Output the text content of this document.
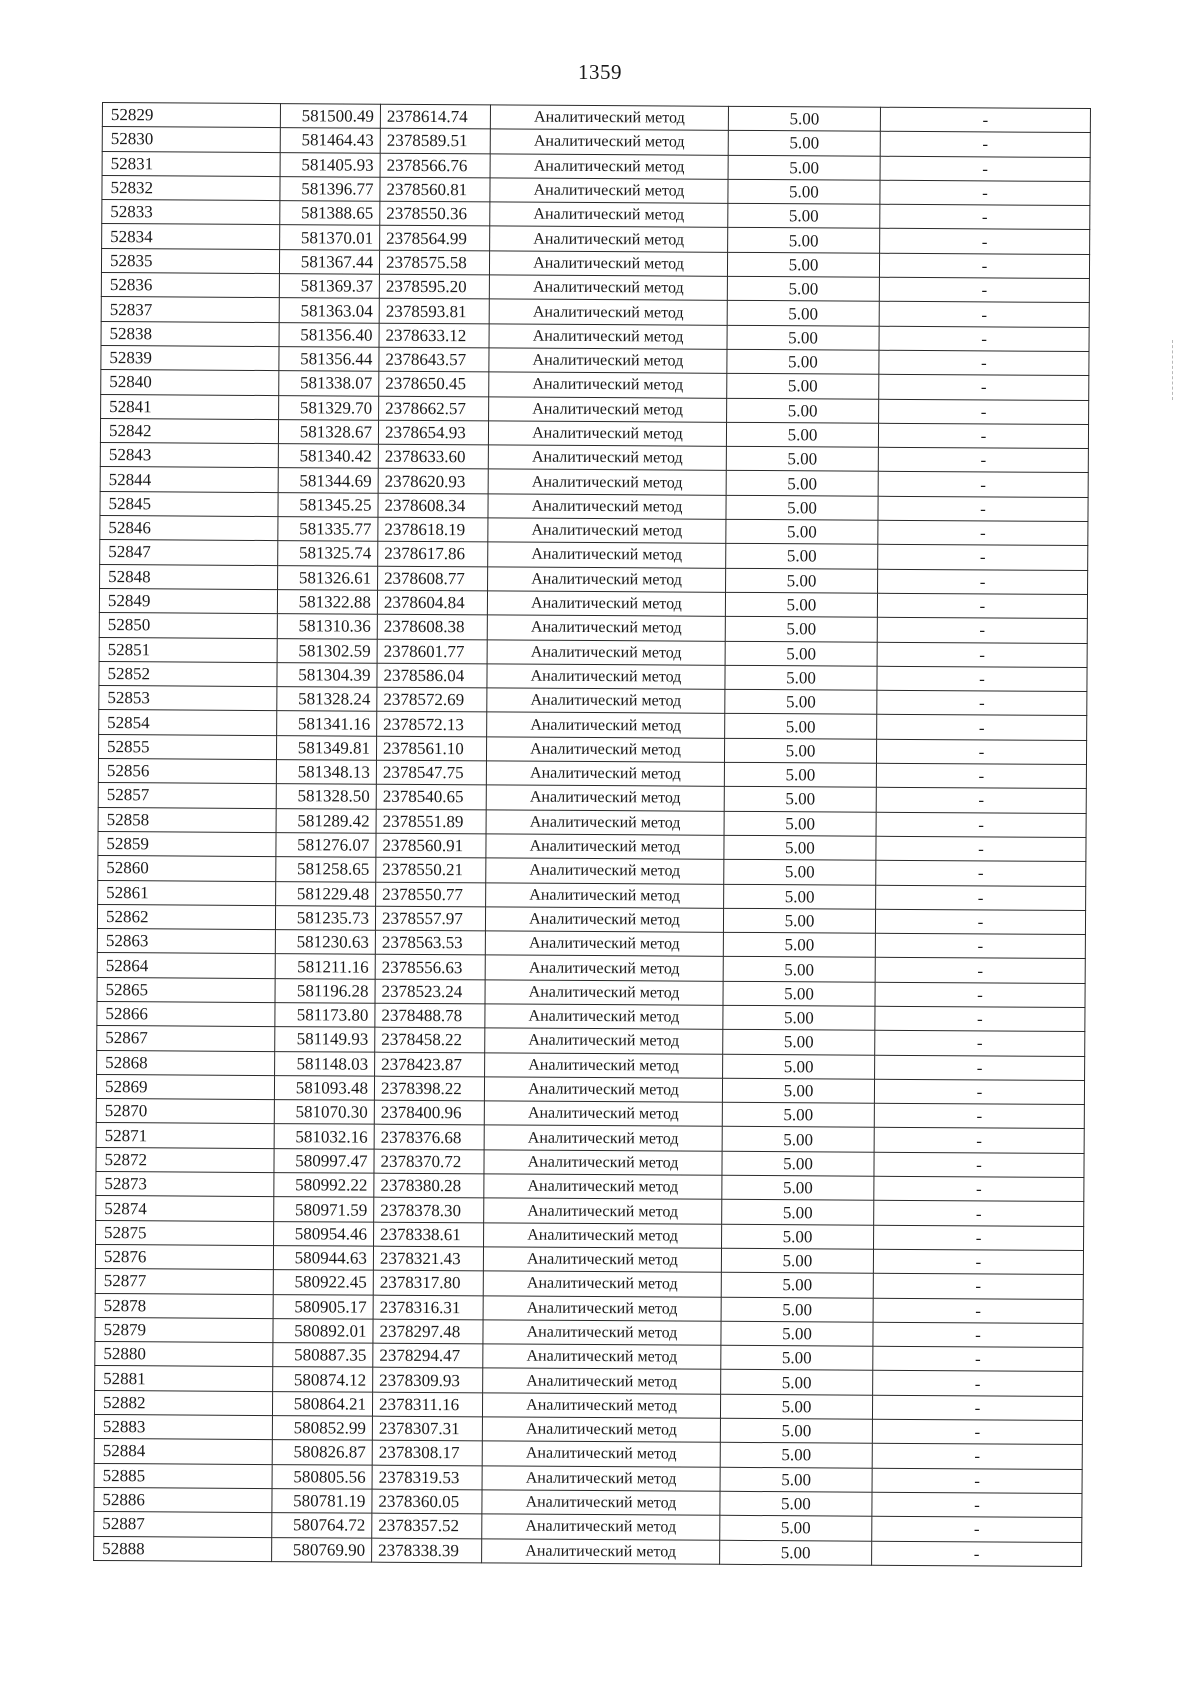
1359
52829	581500.49	2378614.74	Аналитический метод	5.00	-
52830	581464.43	2378589.51	Аналитический метод	5.00	-
52831	581405.93	2378566.76	Аналитический метод	5.00	-
52832	581396.77	2378560.81	Аналитический метод	5.00	-
52833	581388.65	2378550.36	Аналитический метод	5.00	-
52834	581370.01	2378564.99	Аналитический метод	5.00	-
52835	581367.44	2378575.58	Аналитический метод	5.00	-
52836	581369.37	2378595.20	Аналитический метод	5.00	-
52837	581363.04	2378593.81	Аналитический метод	5.00	-
52838	581356.40	2378633.12	Аналитический метод	5.00	-
52839	581356.44	2378643.57	Аналитический метод	5.00	-
52840	581338.07	2378650.45	Аналитический метод	5.00	-
52841	581329.70	2378662.57	Аналитический метод	5.00	-
52842	581328.67	2378654.93	Аналитический метод	5.00	-
52843	581340.42	2378633.60	Аналитический метод	5.00	-
52844	581344.69	2378620.93	Аналитический метод	5.00	-
52845	581345.25	2378608.34	Аналитический метод	5.00	-
52846	581335.77	2378618.19	Аналитический метод	5.00	-
52847	581325.74	2378617.86	Аналитический метод	5.00	-
52848	581326.61	2378608.77	Аналитический метод	5.00	-
52849	581322.88	2378604.84	Аналитический метод	5.00	-
52850	581310.36	2378608.38	Аналитический метод	5.00	-
52851	581302.59	2378601.77	Аналитический метод	5.00	-
52852	581304.39	2378586.04	Аналитический метод	5.00	-
52853	581328.24	2378572.69	Аналитический метод	5.00	-
52854	581341.16	2378572.13	Аналитический метод	5.00	-
52855	581349.81	2378561.10	Аналитический метод	5.00	-
52856	581348.13	2378547.75	Аналитический метод	5.00	-
52857	581328.50	2378540.65	Аналитический метод	5.00	-
52858	581289.42	2378551.89	Аналитический метод	5.00	-
52859	581276.07	2378560.91	Аналитический метод	5.00	-
52860	581258.65	2378550.21	Аналитический метод	5.00	-
52861	581229.48	2378550.77	Аналитический метод	5.00	-
52862	581235.73	2378557.97	Аналитический метод	5.00	-
52863	581230.63	2378563.53	Аналитический метод	5.00	-
52864	581211.16	2378556.63	Аналитический метод	5.00	-
52865	581196.28	2378523.24	Аналитический метод	5.00	-
52866	581173.80	2378488.78	Аналитический метод	5.00	-
52867	581149.93	2378458.22	Аналитический метод	5.00	-
52868	581148.03	2378423.87	Аналитический метод	5.00	-
52869	581093.48	2378398.22	Аналитический метод	5.00	-
52870	581070.30	2378400.96	Аналитический метод	5.00	-
52871	581032.16	2378376.68	Аналитический метод	5.00	-
52872	580997.47	2378370.72	Аналитический метод	5.00	-
52873	580992.22	2378380.28	Аналитический метод	5.00	-
52874	580971.59	2378378.30	Аналитический метод	5.00	-
52875	580954.46	2378338.61	Аналитический метод	5.00	-
52876	580944.63	2378321.43	Аналитический метод	5.00	-
52877	580922.45	2378317.80	Аналитический метод	5.00	-
52878	580905.17	2378316.31	Аналитический метод	5.00	-
52879	580892.01	2378297.48	Аналитический метод	5.00	-
52880	580887.35	2378294.47	Аналитический метод	5.00	-
52881	580874.12	2378309.93	Аналитический метод	5.00	-
52882	580864.21	2378311.16	Аналитический метод	5.00	-
52883	580852.99	2378307.31	Аналитический метод	5.00	-
52884	580826.87	2378308.17	Аналитический метод	5.00	-
52885	580805.56	2378319.53	Аналитический метод	5.00	-
52886	580781.19	2378360.05	Аналитический метод	5.00	-
52887	580764.72	2378357.52	Аналитический метод	5.00	-
52888	580769.90	2378338.39	Аналитический метод	5.00	-
